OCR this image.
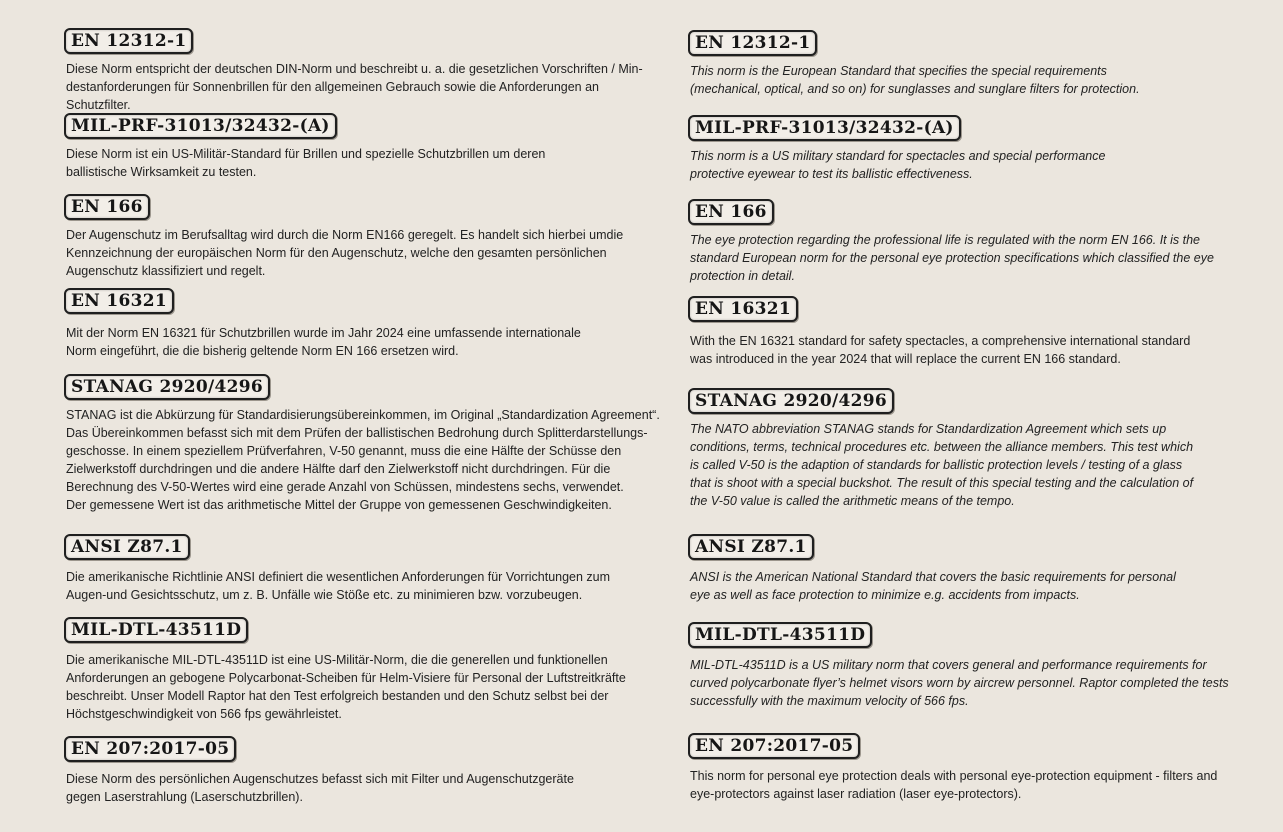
EN 12312-1
Diese Norm entspricht der deutschen DIN-Norm und beschreibt u. a. die gesetzlichen Vorschriften / Min-
destanforderungen für Sonnenbrillen für den allgemeinen Gebrauch sowie die Anforderungen an Schutzfilter.
MIL-PRF-31013/32432-(A)
Diese Norm ist ein US-Militär-Standard für Brillen und spezielle Schutzbrillen um deren
ballistische Wirksamkeit zu testen.
EN 166
Der Augenschutz im Berufsalltag wird durch die Norm EN166 geregelt. Es handelt sich hierbei umdie
Kennzeichnung der europäischen Norm für den Augenschutz, welche den gesamten persönlichen
Augenschutz klassifiziert und regelt.
EN 16321
Mit der Norm EN 16321 für Schutzbrillen wurde im Jahr 2024 eine umfassende internationale
Norm eingeführt, die die bisherig geltende Norm EN 166 ersetzen wird.
STANAG 2920/4296
STANAG ist die Abkürzung für Standardisierungsübereinkommen, im Original „Standardization Agreement“.
Das Übereinkommen befasst sich mit dem Prüfen der ballistischen Bedrohung durch Splitterdarstellungs-
geschosse. In einem speziellem Prüfverfahren, V-50 genannt, muss die eine Hälfte der Schüsse den
Zielwerkstoff durchdringen und die andere Hälfte darf den Zielwerkstoff nicht durchdringen. Für die
Berechnung des V-50-Wertes wird eine gerade Anzahl von Schüssen, mindestens sechs, verwendet.
Der gemessene Wert ist das arithmetische Mittel der Gruppe von gemessenen Geschwindigkeiten.
ANSI Z87.1
Die amerikanische Richtlinie ANSI definiert die wesentlichen Anforderungen für Vorrichtungen zum
Augen-und Gesichtsschutz, um z. B. Unfälle wie Stöße etc. zu minimieren bzw. vorzubeugen.
MIL-DTL-43511D
Die amerikanische MIL-DTL-43511D ist eine US-Militär-Norm, die die generellen und funktionellen
Anforderungen an gebogene Polycarbonat-Scheiben für Helm-Visiere für Personal der Luftstreitkräfte
beschreibt. Unser Modell Raptor hat den Test erfolgreich bestanden und den Schutz selbst bei der
Höchstgeschwindigkeit von 566 fps gewährleistet.
EN 207:2017-05
Diese Norm des persönlichen Augenschutzes befasst sich mit Filter und Augenschutzgeräte
gegen Laserstrahlung (Laserschutzbrillen).
EN 12312-1
This norm is the European Standard that specifies the special requirements
(mechanical, optical, and so on) for sunglasses and sunglare filters for protection.
MIL-PRF-31013/32432-(A)
This norm is a US military standard for spectacles and special performance
protective eyewear to test its ballistic effectiveness.
EN 166
The eye protection regarding the professional life is regulated with the norm EN 166. It is the
standard European norm for the personal eye protection specifications which classified the eye
protection in detail.
EN 16321
With the EN 16321 standard for safety spectacles, a comprehensive international standard
was introduced in the year 2024 that will replace the current EN 166 standard.
STANAG 2920/4296
The NATO abbreviation STANAG stands for Standardization Agreement which sets up
conditions, terms, technical procedures etc. between the alliance members. This test which
is called V-50 is the adaption of standards for ballistic protection levels / testing of a glass
that is shoot with a special buckshot. The result of this special testing and the calculation of
the V-50 value is called the arithmetic means of the tempo.
ANSI Z87.1
ANSI is the American National Standard that covers the basic requirements for personal
eye as well as face protection to minimize e.g. accidents from impacts.
MIL-DTL-43511D
MIL-DTL-43511D is a US military norm that covers general and performance requirements for
curved polycarbonate flyer’s helmet visors worn by aircrew personnel. Raptor completed the tests
successfully with the maximum velocity of 566 fps.
EN 207:2017-05
This norm for personal eye protection deals with personal eye-protection equipment - filters and
eye-protectors against laser radiation (laser eye-protectors).
